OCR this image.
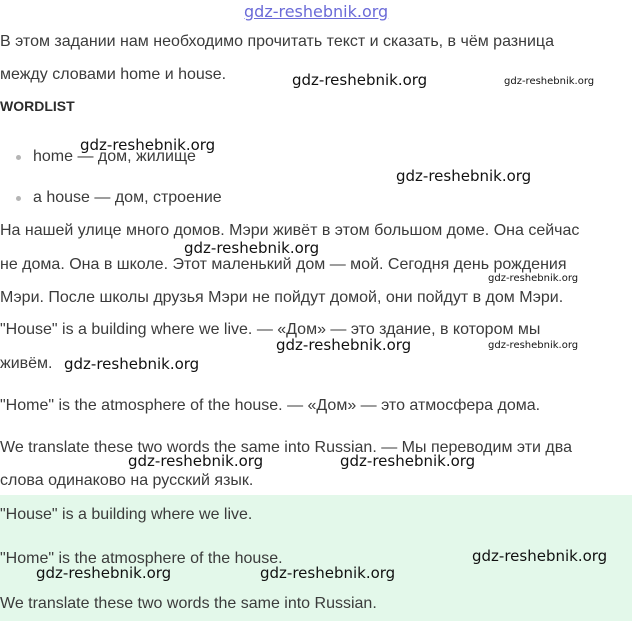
gdz-reshebnik.org
В этом задании нам необходимо прочитать текст и сказать, в чём разница
между словами home и house.
WORDLIST
home — дом, жилище
a house — дом, строение
На нашей улице много домов. Мэри живёт в этом большом доме. Она сейчас
не дома. Она в школе. Этот маленький дом — мой. Сегодня день рождения
Мэри. После школы друзья Мэри не пойдут домой, они пойдут в дом Мэри.
"House" is a building where we live. — «Дом» — это здание, в котором мы
живём.
"Home" is the atmosphere of the house. — «Дом» — это атмосфера дома.
We translate these two words the same into Russian. — Мы переводим эти два
слова одинаково на русский язык.
"House" is a building where we live.
"Home" is the atmosphere of the house.
We translate these two words the same into Russian.
gdz-reshebnik.org	gdz-reshebnik.org
gdz-reshebnik.org
gdz-reshebnik.org
gdz-reshebnik.org
gdz-reshebnik.org
gdz-reshebnik.org	gdz-reshebnik.org
gdz-reshebnik.org
gdz-reshebnik.org	gdz-reshebnik.org
gdz-reshebnik.org
gdz-reshebnik.org	gdz-reshebnik.org
